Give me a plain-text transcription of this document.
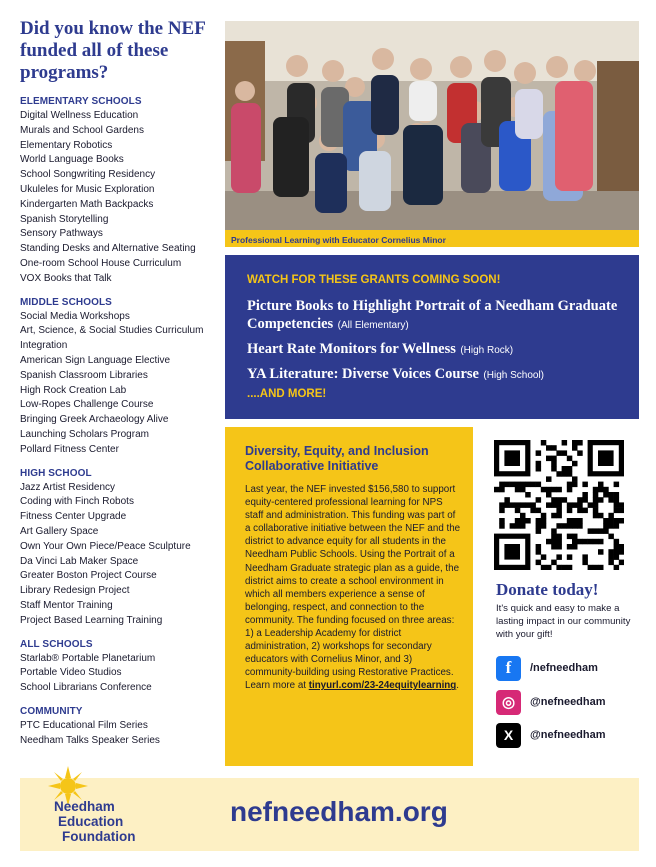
Did you know the NEF funded all of these programs?
ELEMENTARY SCHOOLS
Digital Wellness Education
Murals and School Gardens
Elementary Robotics
World Language Books
School Songwriting Residency
Ukuleles for Music Exploration
Kindergarten Math Backpacks
Spanish Storytelling
Sensory Pathways
Standing Desks and Alternative Seating
One-room School House Curriculum
VOX Books that Talk
MIDDLE SCHOOLS
Social Media Workshops
Art, Science, & Social Studies Curriculum Integration
American Sign Language Elective
Spanish Classroom Libraries
High Rock Creation Lab
Low-Ropes Challenge Course
Bringing Greek Archaeology Alive
Launching Scholars Program
Pollard Fitness Center
HIGH SCHOOL
Jazz Artist Residency
Coding with Finch Robots
Fitness Center Upgrade
Art Gallery Space
Own Your Own Piece/Peace Sculpture
Da Vinci Lab Maker Space
Greater Boston Project Course
Library Redesign Project
Staff Mentor Training
Project Based Learning Training
ALL SCHOOLS
Starlab® Portable Planetarium
Portable Video Studios
School Librarians Conference
COMMUNITY
PTC Educational Film Series
Needham Talks Speaker Series
Professional Learning with Educator Cornelius Minor
WATCH FOR THESE GRANTS COMING SOON!
Picture Books to Highlight Portrait of a Needham Graduate Competencies (All Elementary)
Heart Rate Monitors for Wellness (High Rock)
YA Literature: Diverse Voices Course (High School)
....AND MORE!
Diversity, Equity, and Inclusion Collaborative Initiative
Last year, the NEF invested $156,580 to support equity-centered professional learning for NPS staff and administration. This funding was part of a collaborative initiative between the NEF and the district to advance equity for all students in the Needham Public Schools. Using the Portrait of a Needham Graduate strategic plan as a guide, the district aims to create a school environment in which all members experience a sense of belonging, respect, and connection to the community. The funding focused on three areas: 1) a Leadership Academy for district administration, 2) workshops for secondary educators with Cornelius Minor, and 3) community-building using Restorative Practices. Learn more at tinyurl.com/23-24equitylearning.
Donate today!
It's quick and easy to make a lasting impact in our community with your gift!
f	/nefneedham
◎	@nefneedham
X	@nefneedham
Needham
Education
Foundation
nefneedham.org
